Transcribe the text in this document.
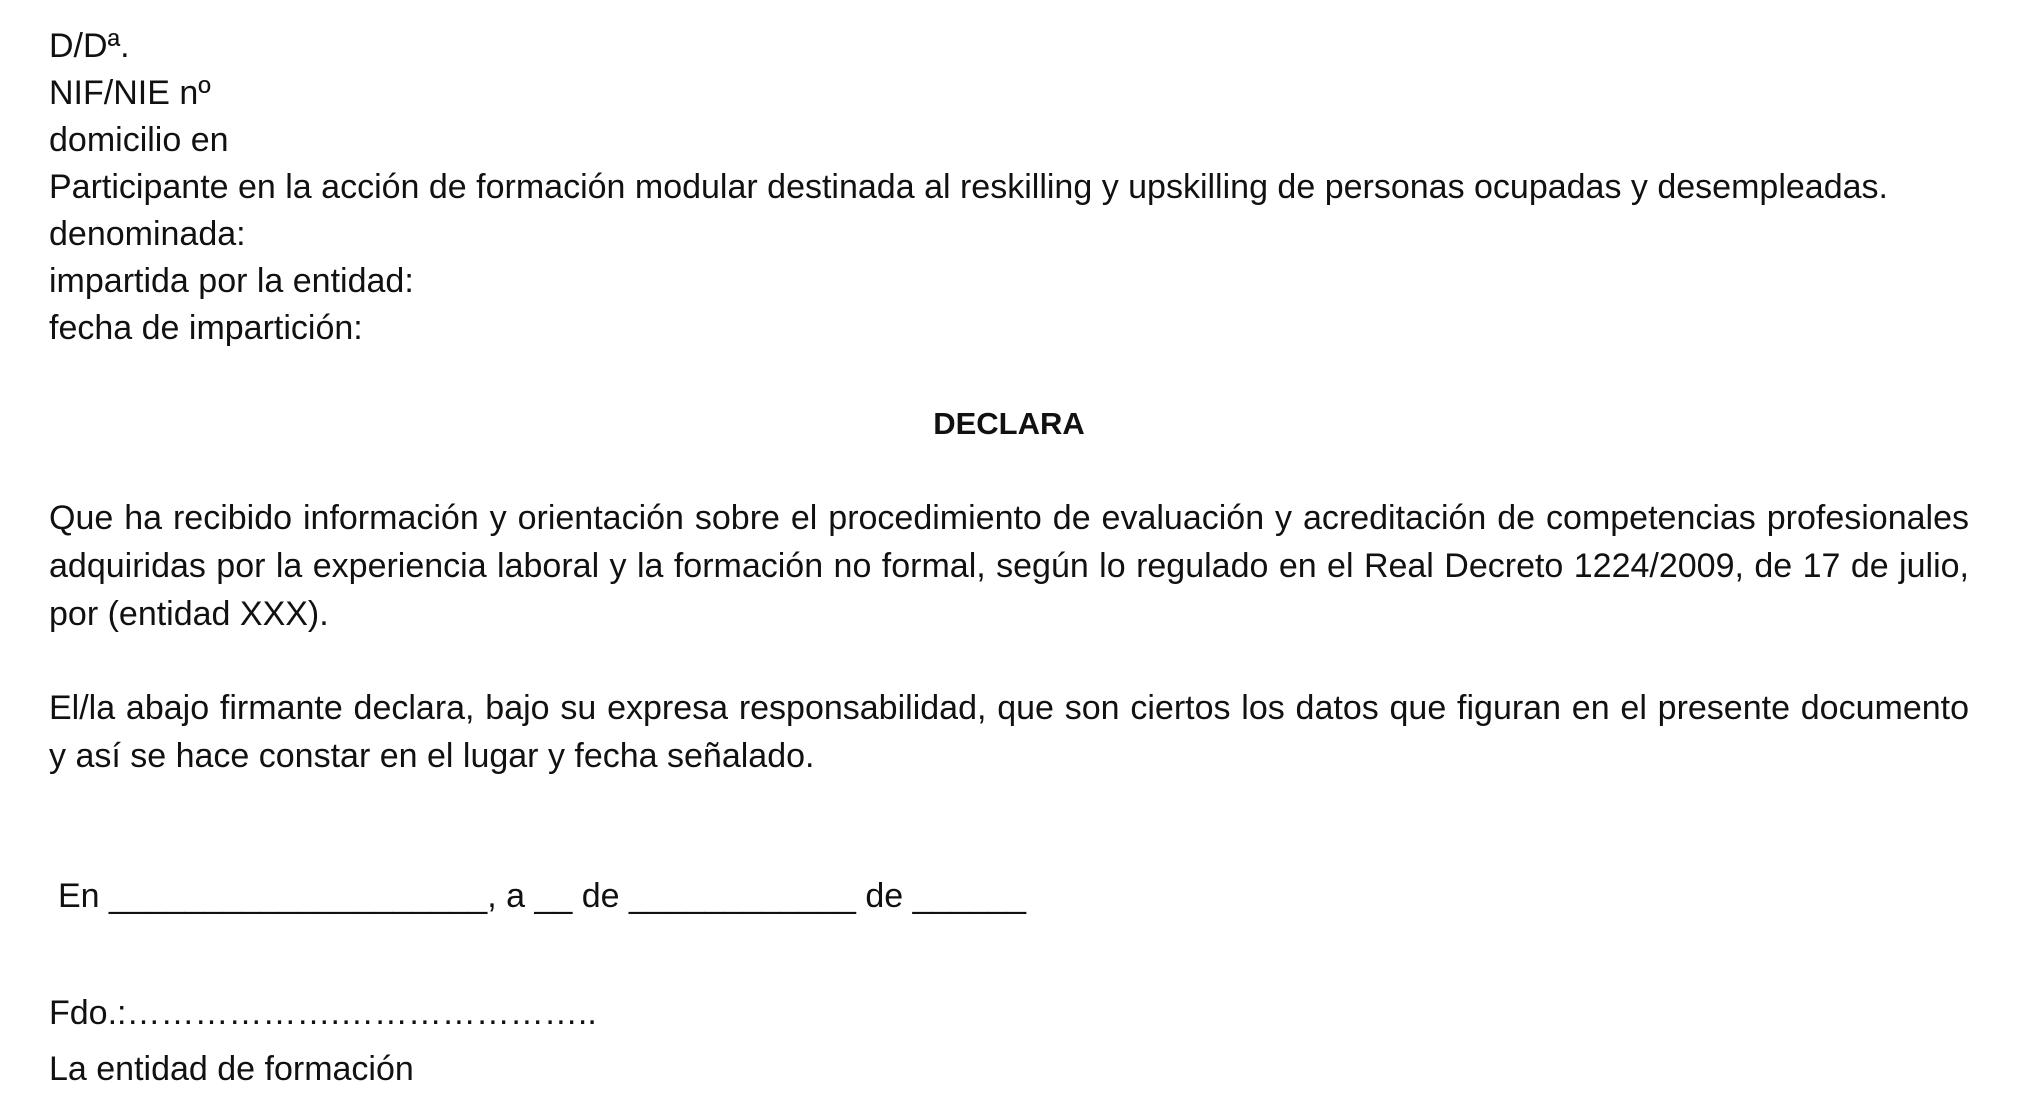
D/Dª.
NIF/NIE nº
domicilio en
Participante en la acción de formación modular destinada al reskilling y upskilling de personas ocupadas y desempleadas.
denominada:
impartida por la entidad:
fecha de impartición:
DECLARA
Que ha recibido información y orientación sobre el procedimiento de evaluación y acreditación de competencias profesionales adquiridas por la experiencia laboral y la formación no formal, según lo regulado en el Real Decreto 1224/2009, de 17 de julio, por (entidad XXX).
El/la abajo firmante declara, bajo su expresa responsabilidad, que son ciertos los datos que figuran en el presente documento y así se hace constar en el lugar y fecha señalado.
En ____________________, a __ de ____________ de ______
Fdo.:……………….…………………..
La entidad de formación
